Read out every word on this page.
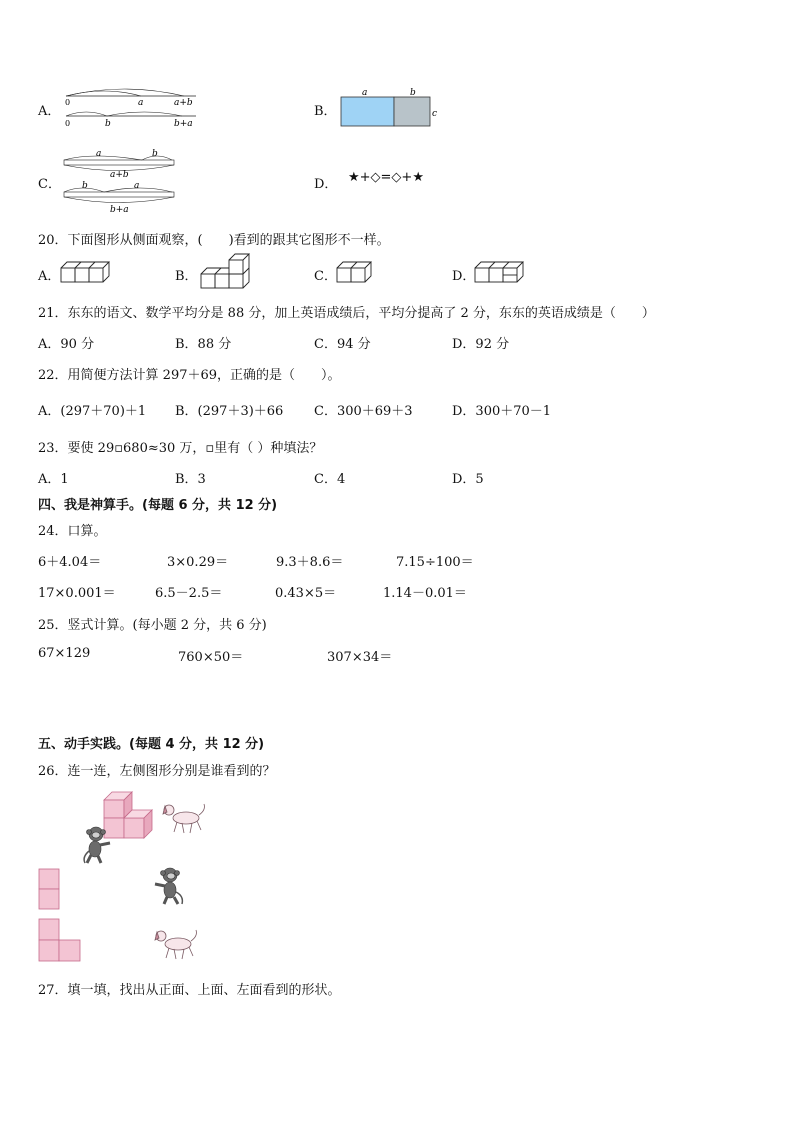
A．
0	a	a+b
0	b	b+a
B．
a	b
c
C．
a	b
a+b
b	a
b+a
D． ★+◇=◇+★
20．下面图形从侧面观察，(　　)看到的跟其它图形不一样。
A．	B．	C．	D．
21．东东的语文、数学平均分是 88 分，加上英语成绩后，平均分提高了 2 分，东东的英语成绩是（　　）
A．90 分	B．88 分	C．94 分	D．92 分
22．用简便方法计算 297＋69，正确的是（　　）。
A．(297＋70)＋1 B．(297＋3)＋66 C．300＋69＋3	D．300＋70－1
23．要使 29▫680≈30 万，▫里有（ ）种填法？
A．1	B．3	C．4	D．5
四、我是神算手。(每题 6 分，共 12 分)
24．口算。
6＋4.04＝	3×0.29＝	9.3＋8.6＝	7.15÷100＝
17×0.001＝	6.5－2.5＝	0.43×5＝	1.14－0.01＝
25．竖式计算。(每小题 2 分，共 6 分)
67×129	760×50＝	307×34＝
五、动手实践。(每题 4 分，共 12 分)
26．连一连，左侧图形分别是谁看到的？
27．填一填，找出从正面、上面、左面看到的形状。
